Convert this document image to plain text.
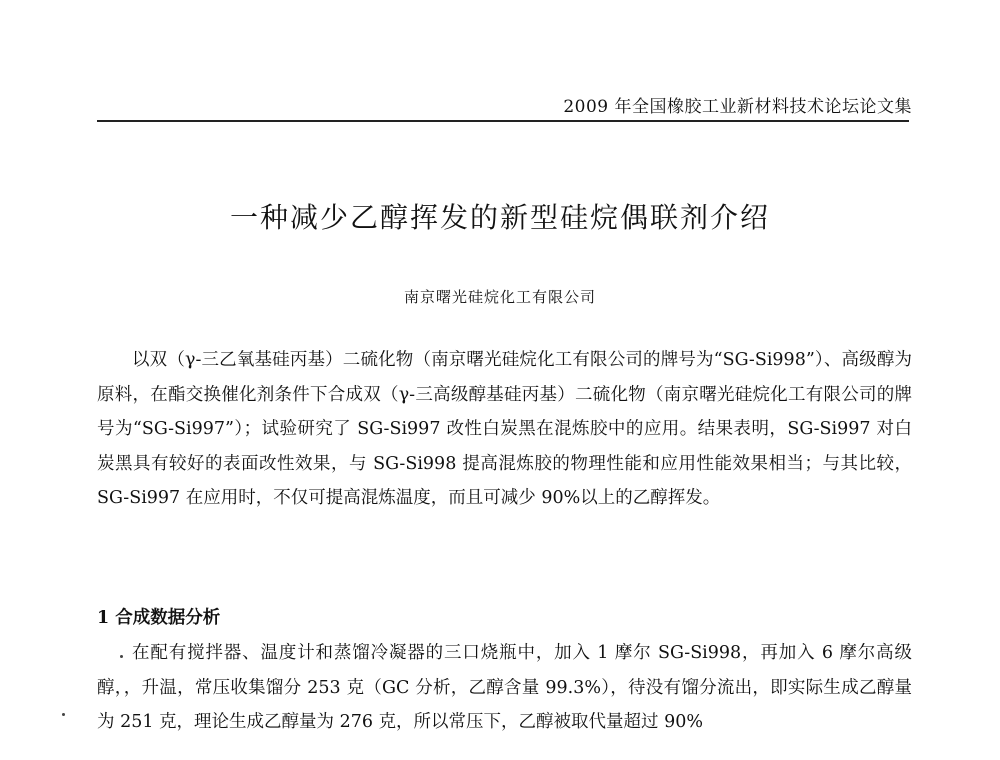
2009 年全国橡胶工业新材料技术论坛论文集
一种减少乙醇挥发的新型硅烷偶联剂介绍
南京曙光硅烷化工有限公司

以双（γ-三乙氧基硅丙基）二硫化物（南京曙光硅烷化工有限公司的牌号为“SG-Si998”）、高级醇为原料，在酯交换催化剂条件下合成双（γ-三高级醇基硅丙基）二硫化物（南京曙光硅烷化工有限公司的牌号为“SG-Si997”）；试验研究了 SG-Si997 改性白炭黑在混炼胶中的应用。结果表明，SG-Si997 对白炭黑具有较好的表面改性效果，与 SG-Si998 提高混炼胶的物理性能和应用性能效果相当；与其比较，SG-Si997 在应用时，不仅可提高混炼温度，而且可减少 90%以上的乙醇挥发。

1 合成数据分析

在配有搅拌器、温度计和蒸馏冷凝器的三口烧瓶中，加入 1 摩尔 SG-Si998，再加入 6 摩尔高级醇，，升温，常压收集馏分 253 克（GC 分析，乙醇含量 99.3%），待没有馏分流出，即实际生成乙醇量为 251 克，理论生成乙醇量为 276 克，所以常压下，乙醇被取代量超过 90%
